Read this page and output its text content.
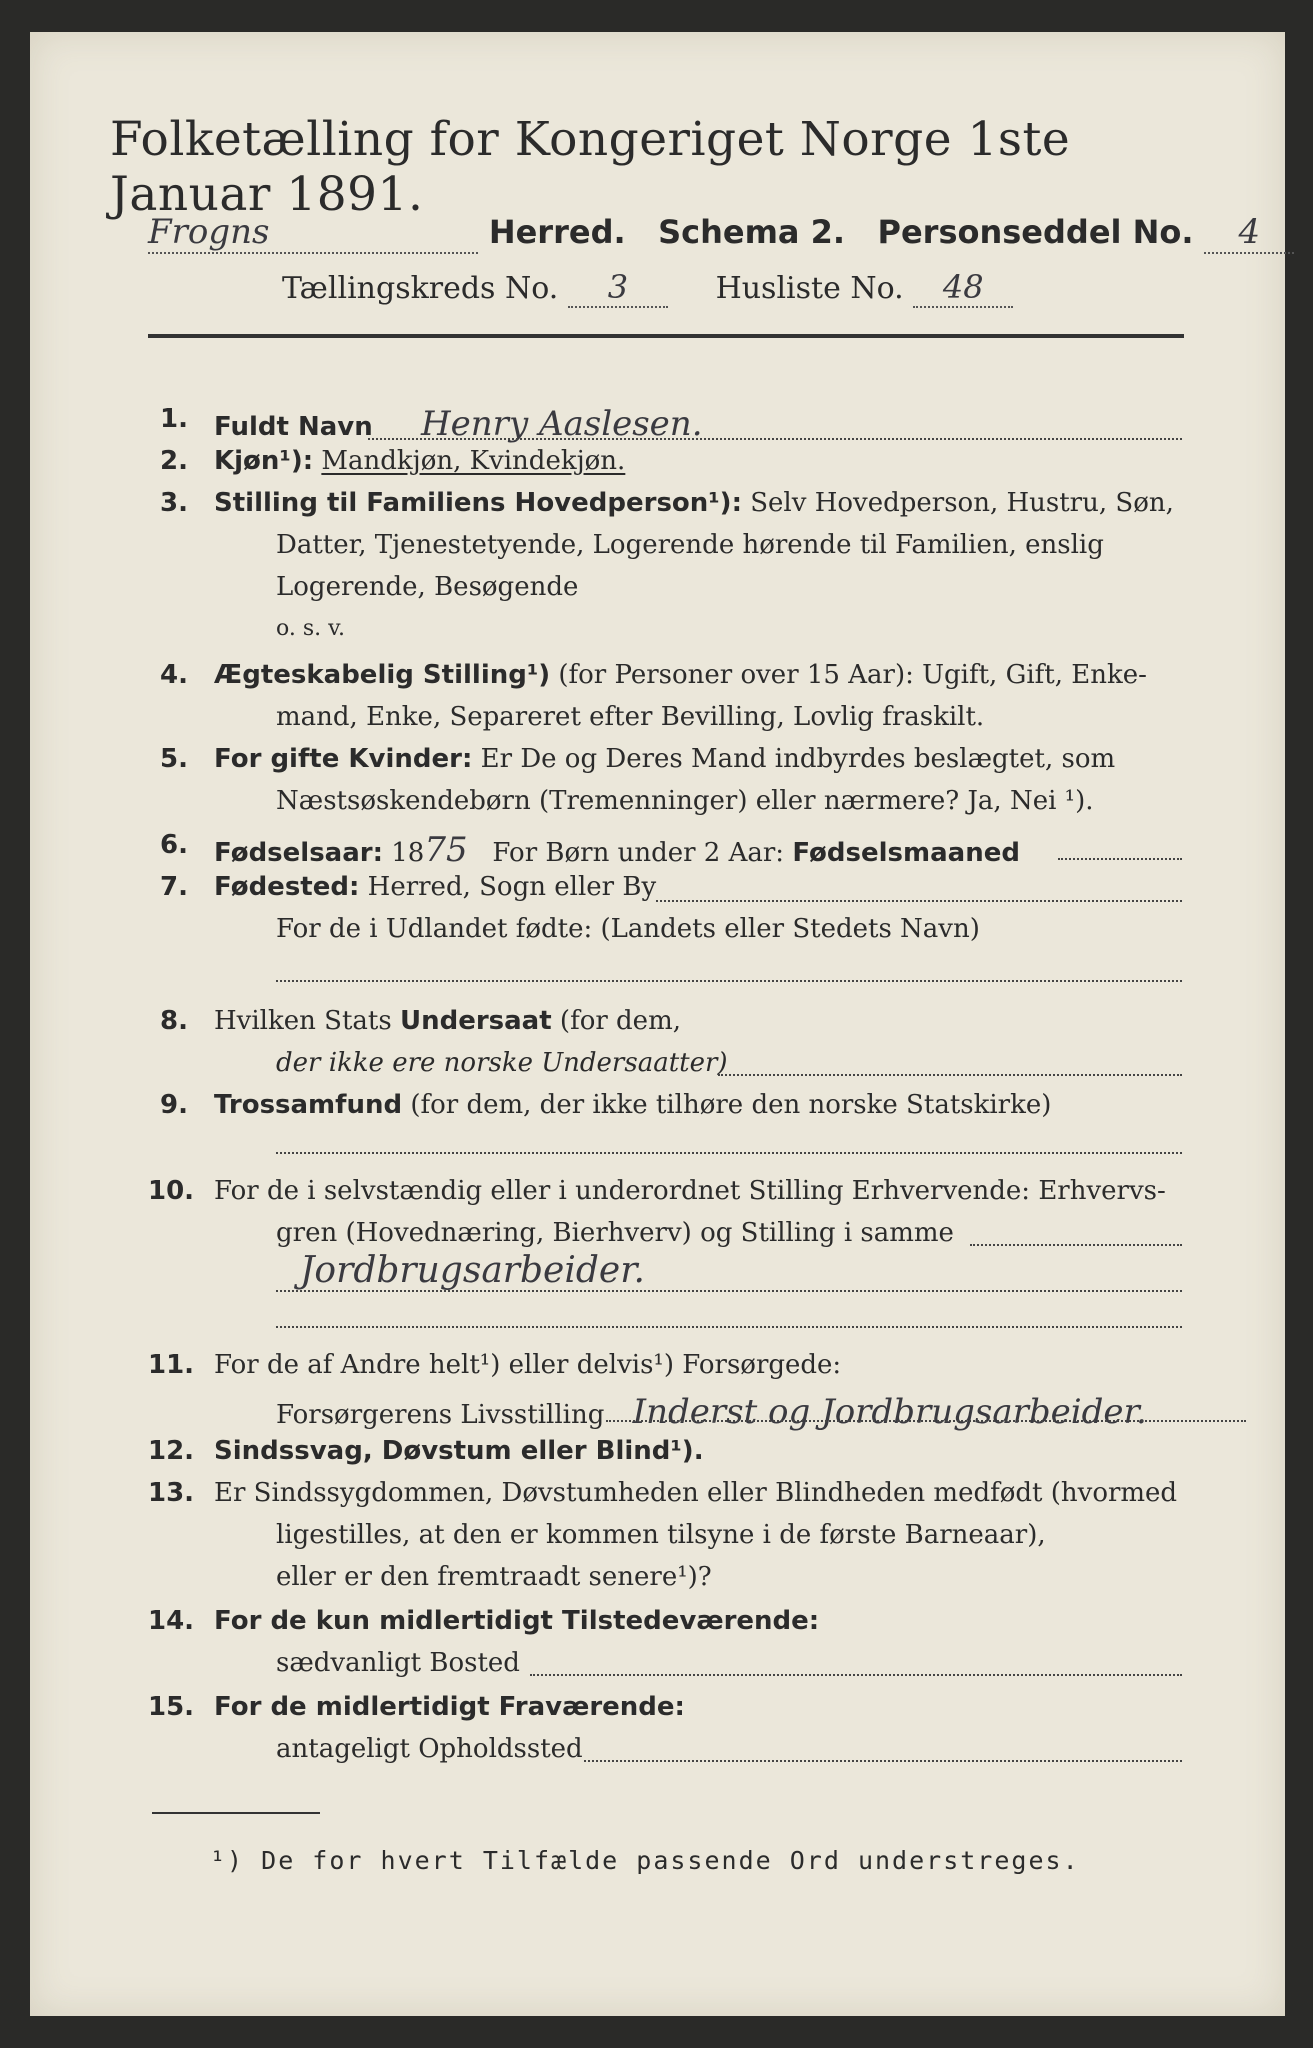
Folketælling for Kongeriget Norge 1ste Januar 1891.
Frogns	Herred. Schema 2. Personseddel No. 4
Tællingskreds No. 3	Husliste No. 48
1. Fuldt Navn Henry Aaslesen.
2. Kjøn¹): Mandkjøn, Kvindekjøn.
3. Stilling til Familiens Hovedperson¹): Selv Hovedperson, Hustru, Søn,
Datter, Tjenestetyende, Logerende hørende til Familien, enslig
Logerende, Besøgende
o. s. v.
4. Ægteskabelig Stilling¹) (for Personer over 15 Aar): Ugift, Gift, Enke-
mand, Enke, Separeret efter Bevilling, Lovlig fraskilt.
5. For gifte Kvinder: Er De og Deres Mand indbyrdes beslægtet, som
Næstsøskendebørn (Tremenninger) eller nærmere? Ja, Nei ¹).
6. Fødselsaar: 1875 For Børn under 2 Aar: Fødselsmaaned
7. Fødested: Herred, Sogn eller By
For de i Udlandet fødte: (Landets eller Stedets Navn)
8. Hvilken Stats Undersaat (for dem,
der ikke ere norske Undersaatter)
9. Trossamfund (for dem, der ikke tilhøre den norske Statskirke)
10. For de i selvstændig eller i underordnet Stilling Erhvervende: Erhvervs-
gren (Hovednæring, Bierhverv) og Stilling i samme
Jordbrugsarbeider.
11. For de af Andre helt¹) eller delvis¹) Forsørgede:
Forsørgerens Livsstilling Inderst og Jordbrugsarbeider.
12. Sindssvag, Døvstum eller Blind¹).
13. Er Sindssygdommen, Døvstumheden eller Blindheden medfødt (hvormed
ligestilles, at den er kommen tilsyne i de første Barneaar),
eller er den fremtraadt senere¹)?
14. For de kun midlertidigt Tilstedeværende:
sædvanligt Bosted
15. For de midlertidigt Fraværende:
antageligt Opholdssted
¹) De for hvert Tilfælde passende Ord understreges.
